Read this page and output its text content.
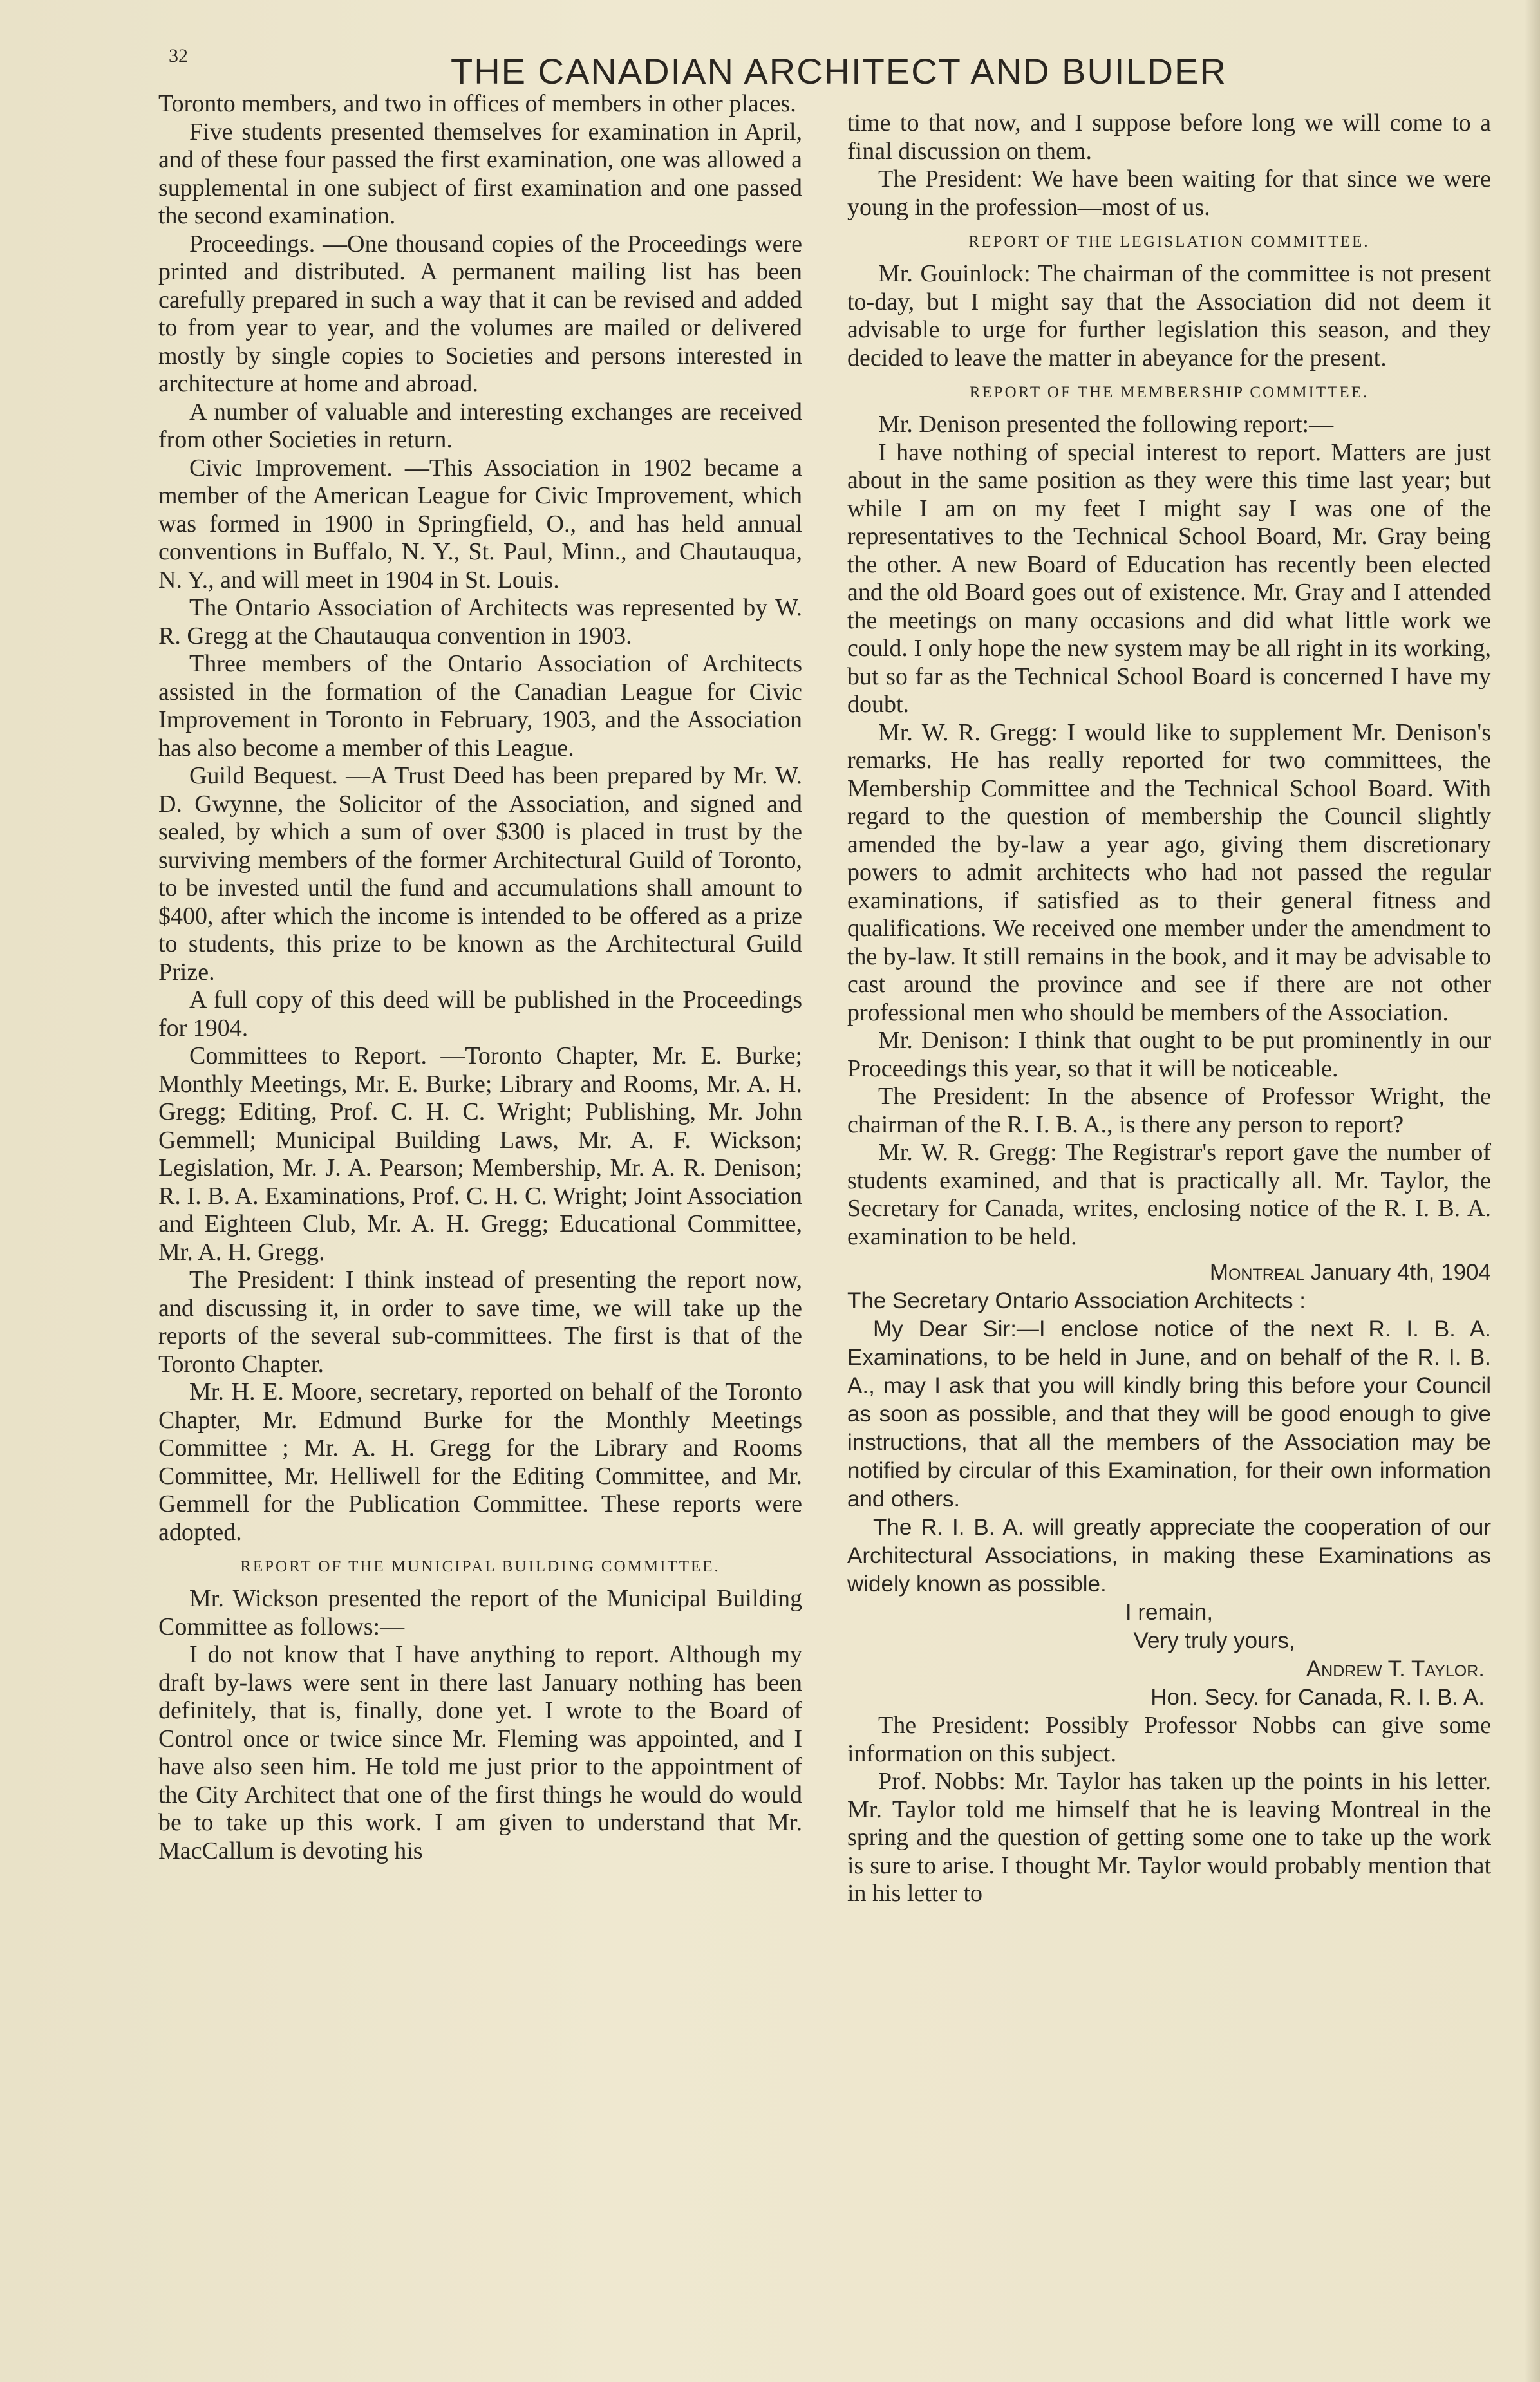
32	THE CANADIAN ARCHITECT AND BUILDER

Toronto members, and two in offices of members in other places.

Five students presented themselves for examination in April, and of these four passed the first examination, one was allowed a supplemental in one subject of first examination and one passed the second examination.

Proceedings. —One thousand copies of the Proceedings were printed and distributed. A permanent mailing list has been carefully prepared in such a way that it can be revised and added to from year to year, and the volumes are mailed or delivered mostly by single copies to Societies and persons interested in architecture at home and abroad.

A number of valuable and interesting exchanges are received from other Societies in return.

Civic Improvement. —This Association in 1902 became a member of the American League for Civic Improvement, which was formed in 1900 in Springfield, O., and has held annual conventions in Buffalo, N. Y., St. Paul, Minn., and Chautauqua, N. Y., and will meet in 1904 in St. Louis.

The Ontario Association of Architects was represented by W. R. Gregg at the Chautauqua convention in 1903.

Three members of the Ontario Association of Architects assisted in the formation of the Canadian League for Civic Improvement in Toronto in February, 1903, and the Association has also become a member of this League.

Guild Bequest. —A Trust Deed has been prepared by Mr. W. D. Gwynne, the Solicitor of the Association, and signed and sealed, by which a sum of over $300 is placed in trust by the surviving members of the former Architectural Guild of Toronto, to be invested until the fund and accumulations shall amount to $400, after which the income is intended to be offered as a prize to students, this prize to be known as the Architectural Guild Prize.

A full copy of this deed will be published in the Proceedings for 1904.

Committees to Report. —Toronto Chapter, Mr. E. Burke; Monthly Meetings, Mr. E. Burke; Library and Rooms, Mr. A. H. Gregg; Editing, Prof. C. H. C. Wright; Publishing, Mr. John Gemmell; Municipal Building Laws, Mr. A. F. Wickson; Legislation, Mr. J. A. Pearson; Membership, Mr. A. R. Denison; R. I. B. A. Examinations, Prof. C. H. C. Wright; Joint Association and Eighteen Club, Mr. A. H. Gregg; Educational Committee, Mr. A. H. Gregg.

The President: I think instead of presenting the report now, and discussing it, in order to save time, we will take up the reports of the several sub-committees. The first is that of the Toronto Chapter.

Mr. H. E. Moore, secretary, reported on behalf of the Toronto Chapter, Mr. Edmund Burke for the Monthly Meetings Committee ; Mr. A. H. Gregg for the Library and Rooms Committee, Mr. Helliwell for the Editing Committee, and Mr. Gemmell for the Publication Committee. These reports were adopted.

REPORT OF THE MUNICIPAL BUILDING COMMITTEE.

Mr. Wickson presented the report of the Municipal Building Committee as follows:—

I do not know that I have anything to report. Although my draft by-laws were sent in there last January nothing has been definitely, that is, finally, done yet. I wrote to the Board of Control once or twice since Mr. Fleming was appointed, and I have also seen him. He told me just prior to the appointment of the City Architect that one of the first things he would do would be to take up this work. I am given to understand that Mr. MacCallum is devoting his

time to that now, and I suppose before long we will come to a final discussion on them.

The President: We have been waiting for that since we were young in the profession—most of us.

REPORT OF THE LEGISLATION COMMITTEE.

Mr. Gouinlock: The chairman of the committee is not present to-day, but I might say that the Association did not deem it advisable to urge for further legislation this season, and they decided to leave the matter in abeyance for the present.

REPORT OF THE MEMBERSHIP COMMITTEE.

Mr. Denison presented the following report:—

I have nothing of special interest to report. Matters are just about in the same position as they were this time last year; but while I am on my feet I might say I was one of the representatives to the Technical School Board, Mr. Gray being the other. A new Board of Education has recently been elected and the old Board goes out of existence. Mr. Gray and I attended the meetings on many occasions and did what little work we could. I only hope the new system may be all right in its working, but so far as the Technical School Board is concerned I have my doubt.

Mr. W. R. Gregg: I would like to supplement Mr. Denison's remarks. He has really reported for two committees, the Membership Committee and the Technical School Board. With regard to the question of membership the Council slightly amended the by-law a year ago, giving them discretionary powers to admit architects who had not passed the regular examinations, if satisfied as to their general fitness and qualifications. We received one member under the amendment to the by-law. It still remains in the book, and it may be advisable to cast around the province and see if there are not other professional men who should be members of the Association.

Mr. Denison: I think that ought to be put prominently in our Proceedings this year, so that it will be noticeable.

The President: In the absence of Professor Wright, the chairman of the R. I. B. A., is there any person to report?

Mr. W. R. Gregg: The Registrar's report gave the number of students examined, and that is practically all. Mr. Taylor, the Secretary for Canada, writes, enclosing notice of the R. I. B. A. examination to be held.

Montreal January 4th, 1904

The Secretary Ontario Association Architects :

My Dear Sir:—I enclose notice of the next R. I. B. A. Examinations, to be held in June, and on behalf of the R. I. B. A., may I ask that you will kindly bring this before your Council as soon as possible, and that they will be good enough to give instructions, that all the members of the Association may be notified by circular of this Examination, for their own information and others.

The R. I. B. A. will greatly appreciate the cooperation of our Architectural Associations, in making these Examinations as widely known as possible.

I remain,

Very truly yours,

Andrew T. Taylor.

Hon. Secy. for Canada, R. I. B. A.

The President: Possibly Professor Nobbs can give some information on this subject.

Prof. Nobbs: Mr. Taylor has taken up the points in his letter. Mr. Taylor told me himself that he is leaving Montreal in the spring and the question of getting some one to take up the work is sure to arise. I thought Mr. Taylor would probably mention that in his letter to
